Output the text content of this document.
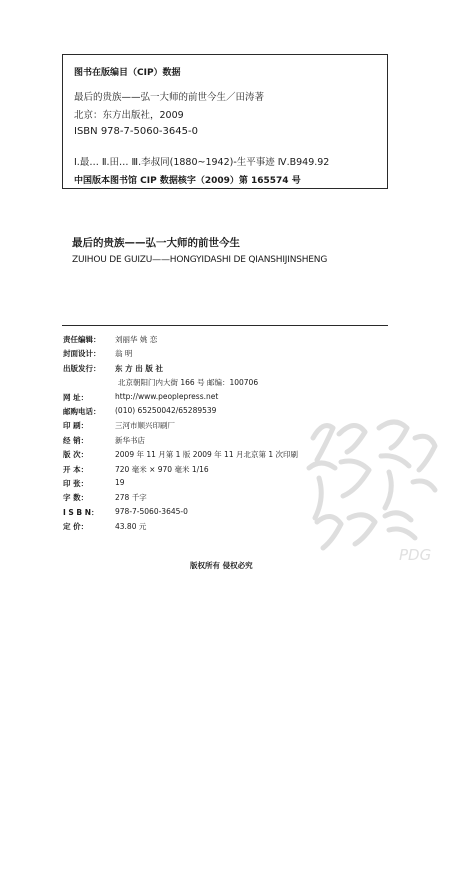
图书在版编目（CIP）数据
最后的贵族——弘一大师的前世今生／田涛著
北京：东方出版社，2009
ISBN 978-7-5060-3645-0
Ⅰ.最… Ⅱ.田… Ⅲ.李叔同(1880~1942)-生平事迹 Ⅳ.B949.92
中国版本图书馆 CIP 数据核字（2009）第 165574 号
最后的贵族——弘一大师的前世今生
ZUIHOU DE GUIZU——HONGYIDASHI DE QIANSHIJINSHENG
责任编辑：	刘丽华 姚 恋
封面设计：	翁 明
出版发行：	东 方 出 版 社
北京朝阳门内大街 166 号 邮编：100706
网 址：	http://www.peoplepress.net
邮购电话：	(010) 65250042/65289539
印 刷：	三河市顺兴印刷厂
经 销：	新华书店
版 次：	2009 年 11 月第 1 版 2009 年 11 月北京第 1 次印刷
开 本：	720 毫米 × 970 毫米 1/16
印 张：	19
字 数：	278 千字
I S B N：	978-7-5060-3645-0
定 价：	43.80 元
版权所有 侵权必究
PDG
